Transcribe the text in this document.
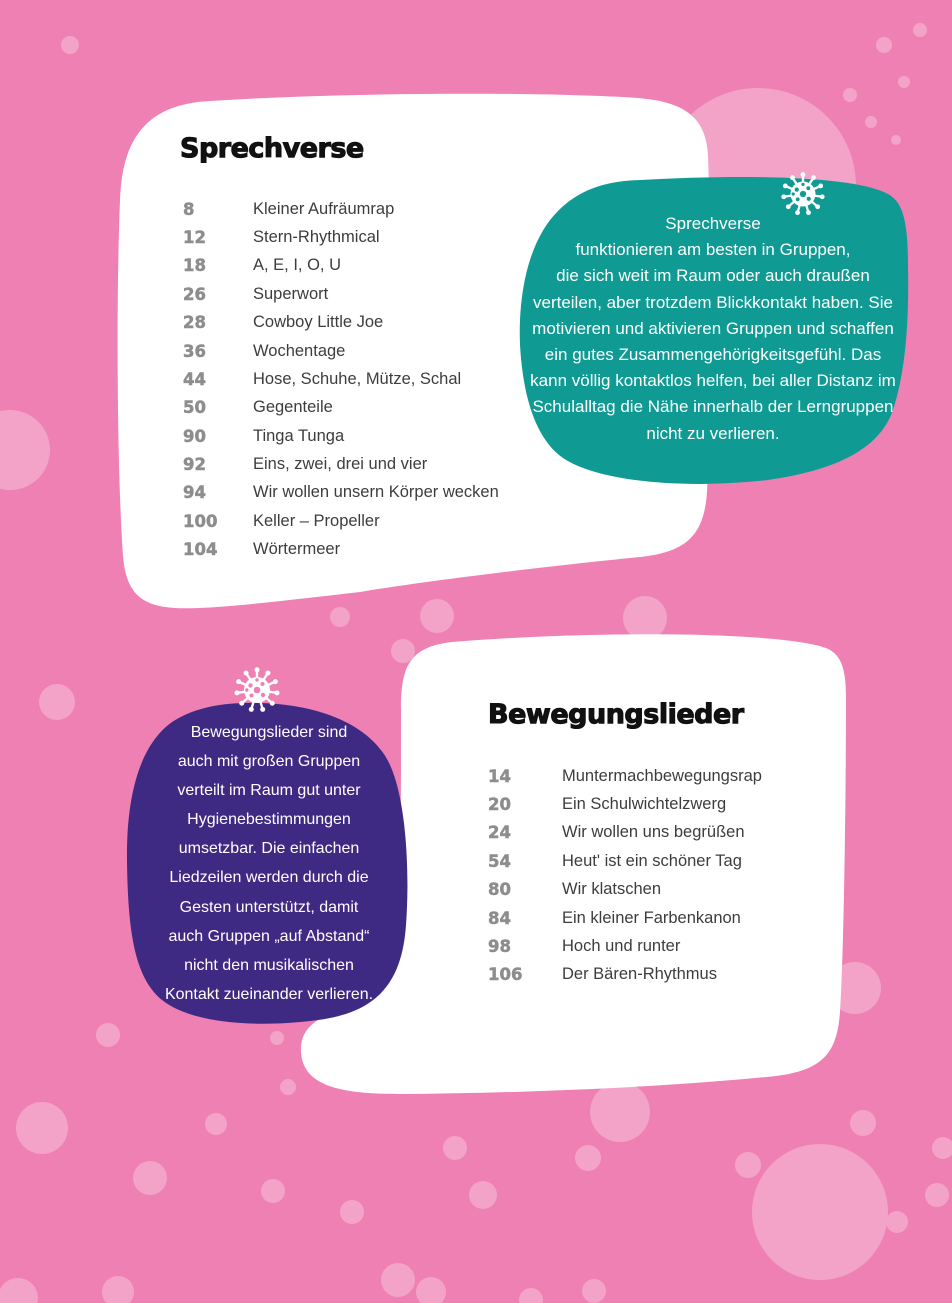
Sprechverse
8	Kleiner Aufräumrap
12	Stern-Rhythmical
18	A, E, I, O, U
26	Superwort
28	Cowboy Little Joe
36	Wochentage
44	Hose, Schuhe, Mütze, Schal
50	Gegenteile
90	Tinga Tunga
92	Eins, zwei, drei und vier
94	Wir wollen unsern Körper wecken
100	Keller – Propeller
104	Wörtermeer
Sprechverse
funktionieren am besten in Gruppen,
die sich weit im Raum oder auch draußen
verteilen, aber trotzdem Blickkontakt haben. Sie
motivieren und aktivieren Gruppen und schaffen
ein gutes Zusammengehörigkeitsgefühl. Das
kann völlig kontaktlos helfen, bei aller Distanz im
Schulalltag die Nähe innerhalb der Lerngruppen
nicht zu verlieren.
Bewegungslieder
14	Muntermachbewegungsrap
20	Ein Schulwichtelzwerg
24	Wir wollen uns begrüßen
54	Heut' ist ein schöner Tag
80	Wir klatschen
84	Ein kleiner Farbenkanon
98	Hoch und runter
106	Der Bären-Rhythmus
Bewegungslieder sind
auch mit großen Gruppen
verteilt im Raum gut unter
Hygienebestimmungen
umsetzbar. Die einfachen
Liedzeilen werden durch die
Gesten unterstützt, damit
auch Gruppen „auf Abstand“
nicht den musikalischen
Kontakt zueinander verlieren.
